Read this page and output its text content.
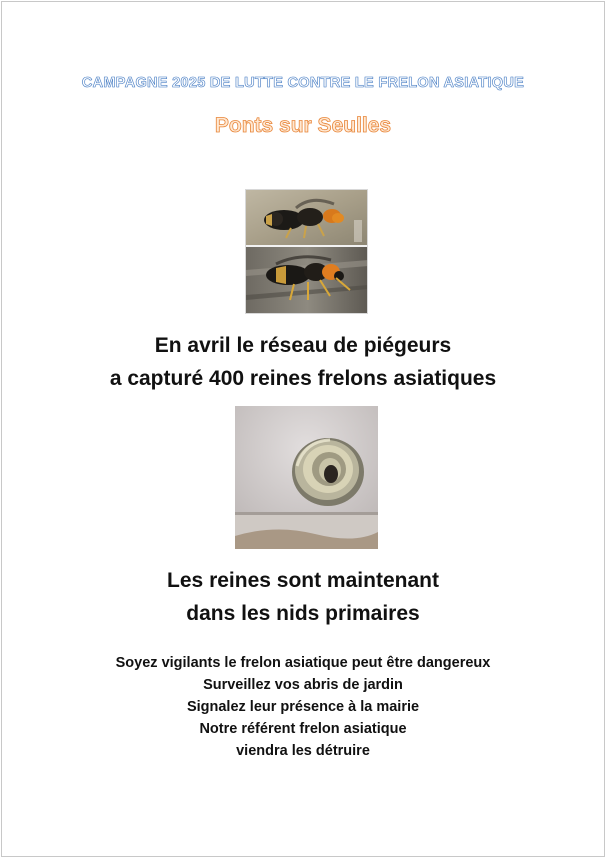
CAMPAGNE 2025 DE LUTTE CONTRE LE FRELON ASIATIQUE
Ponts sur Seulles
En avril le réseau de piégeurs
a capturé 400 reines frelons asiatiques
Les reines sont maintenant
dans les nids primaires
Soyez vigilants le frelon asiatique peut être dangereux
Surveillez vos abris de jardin
Signalez leur présence à la mairie
Notre référent frelon asiatique
viendra les détruire
